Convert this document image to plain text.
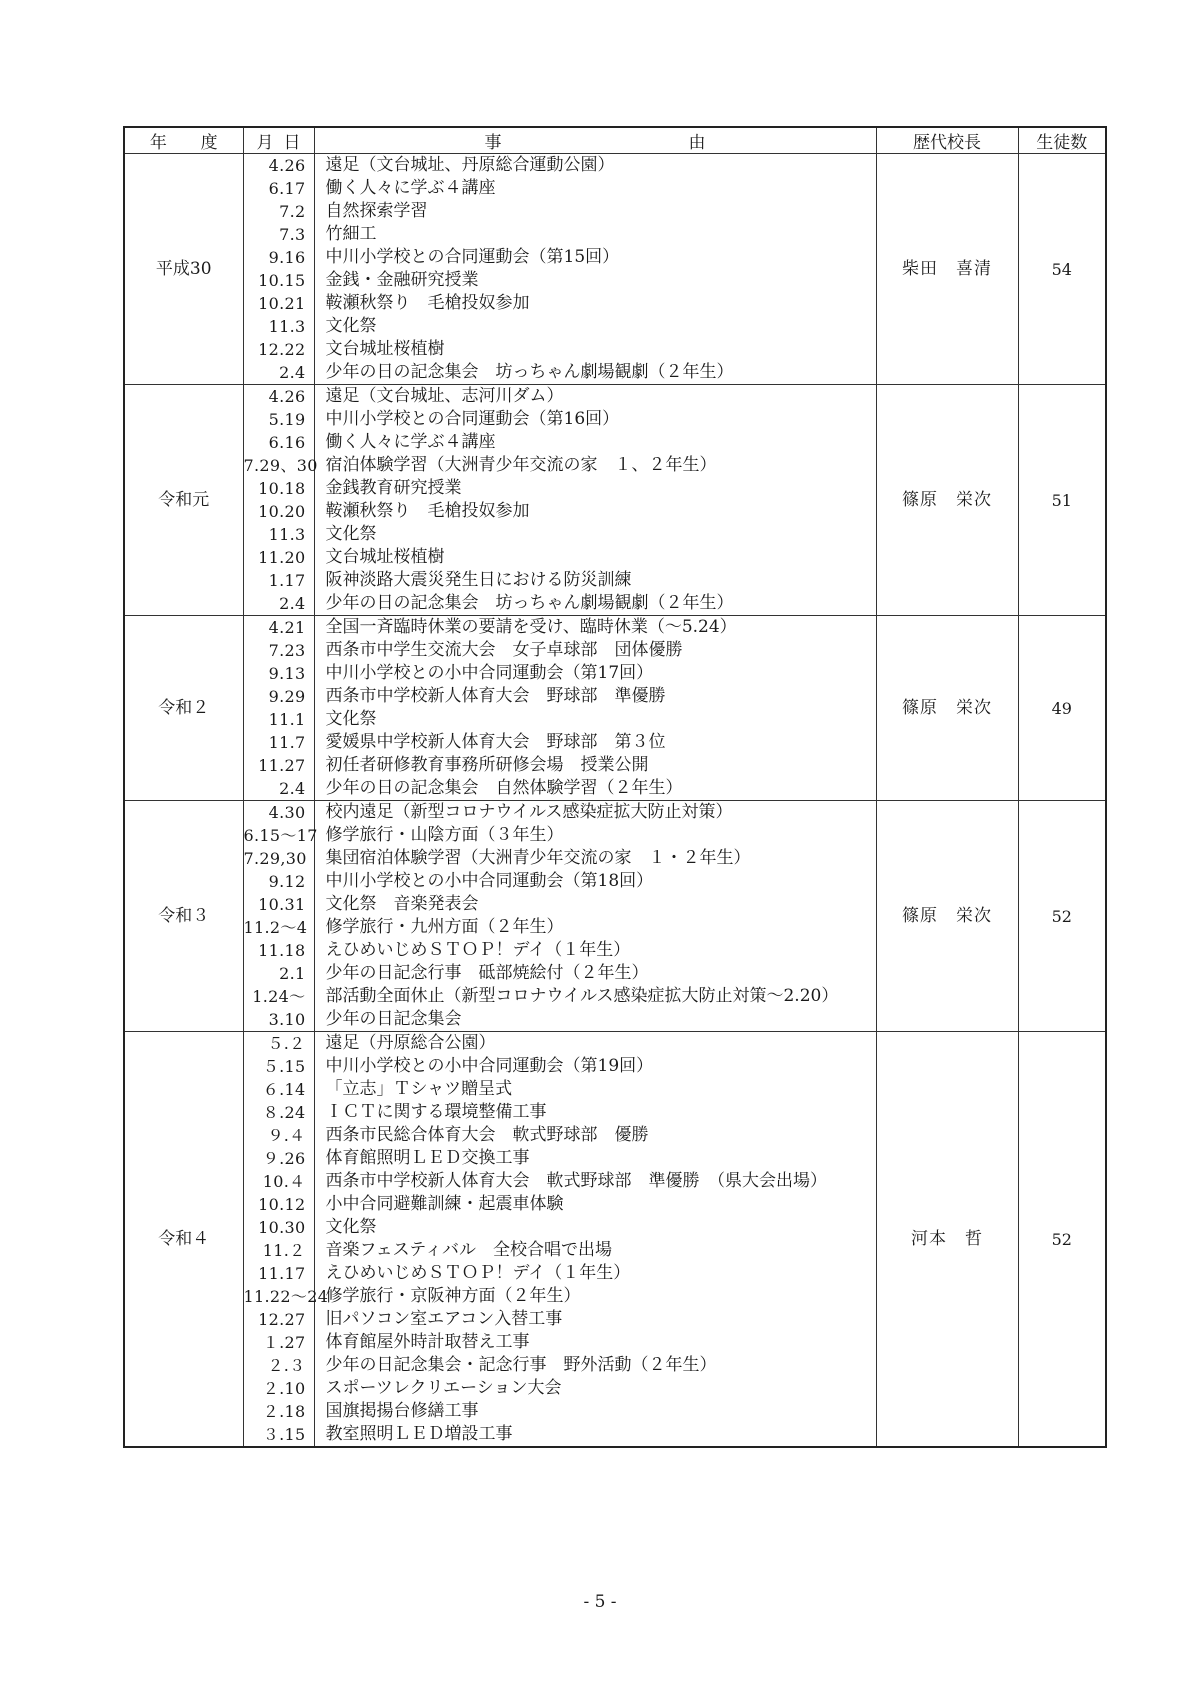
年 度	月 日	事 由	歴代校長	生徒数
平成30	4.26	遠足（文台城址、丹原総合運動公園）	柴田　喜清	54
	6.17	働く人々に学ぶ４講座		
	7.2	自然探索学習		
	7.3	竹細工		
	9.16	中川小学校との合同運動会（第15回）		
	10.15	金銭・金融研究授業		
	10.21	鞍瀬秋祭り　毛槍投奴参加		
	11.3	文化祭		
	12.22	文台城址桜植樹		
	2.4	少年の日の記念集会　坊っちゃん劇場観劇（２年生）		
令和元	4.26	遠足（文台城址、志河川ダム）	篠原　栄次	51
	5.19	中川小学校との合同運動会（第16回）		
	6.16	働く人々に学ぶ４講座		
	7.29、30	宿泊体験学習（大洲青少年交流の家　１、２年生）		
	10.18	金銭教育研究授業		
	10.20	鞍瀬秋祭り　毛槍投奴参加		
	11.3	文化祭		
	11.20	文台城址桜植樹		
	1.17	阪神淡路大震災発生日における防災訓練		
	2.4	少年の日の記念集会　坊っちゃん劇場観劇（２年生）		
令和２	4.21	全国一斉臨時休業の要請を受け、臨時休業（～5.24）	篠原　栄次	49
	7.23	西条市中学生交流大会　女子卓球部　団体優勝		
	9.13	中川小学校との小中合同運動会（第17回）		
	9.29	西条市中学校新人体育大会　野球部　準優勝		
	11.1	文化祭		
	11.7	愛媛県中学校新人体育大会　野球部　第３位		
	11.27	初任者研修教育事務所研修会場　授業公開		
	2.4	少年の日の記念集会　自然体験学習（２年生）		
令和３	4.30	校内遠足（新型コロナウイルス感染症拡大防止対策）	篠原　栄次	52
	6.15～17	修学旅行・山陰方面（３年生）		
	7.29,30	集団宿泊体験学習（大洲青少年交流の家　１・２年生）		
	9.12	中川小学校との小中合同運動会（第18回）		
	10.31	文化祭　音楽発表会		
	11.2～4	修学旅行・九州方面（２年生）		
	11.18	えひめいじめＳＴＯＰ！デイ（１年生）		
	2.1	少年の日記念行事　砥部焼絵付（２年生）		
	1.24～	部活動全面休止（新型コロナウイルス感染症拡大防止対策～2.20）		
	3.10	少年の日記念集会		
令和４	５.２	遠足（丹原総合公園）	河本　哲	52
	５.15	中川小学校との小中合同運動会（第19回）		
	６.14	「立志」Ｔシャツ贈呈式		
	８.24	ＩＣＴに関する環境整備工事		
	９.４	西条市民総合体育大会　軟式野球部　優勝		
	９.26	体育館照明ＬＥＤ交換工事		
	10.４	西条市中学校新人体育大会　軟式野球部　準優勝　（県大会出場）		
	10.12	小中合同避難訓練・起震車体験		
	10.30	文化祭		
	11.２	音楽フェスティバル　全校合唱で出場		
	11.17	えひめいじめＳＴＯＰ！デイ（１年生）		
	11.22～24	修学旅行・京阪神方面（２年生）		
	12.27	旧パソコン室エアコン入替工事		
	１.27	体育館屋外時計取替え工事		
	２.３	少年の日記念集会・記念行事　野外活動（２年生）		
	２.10	スポーツレクリエーション大会		
	２.18	国旗掲揚台修繕工事		
	３.15	教室照明ＬＥＤ増設工事		
- 5 -
